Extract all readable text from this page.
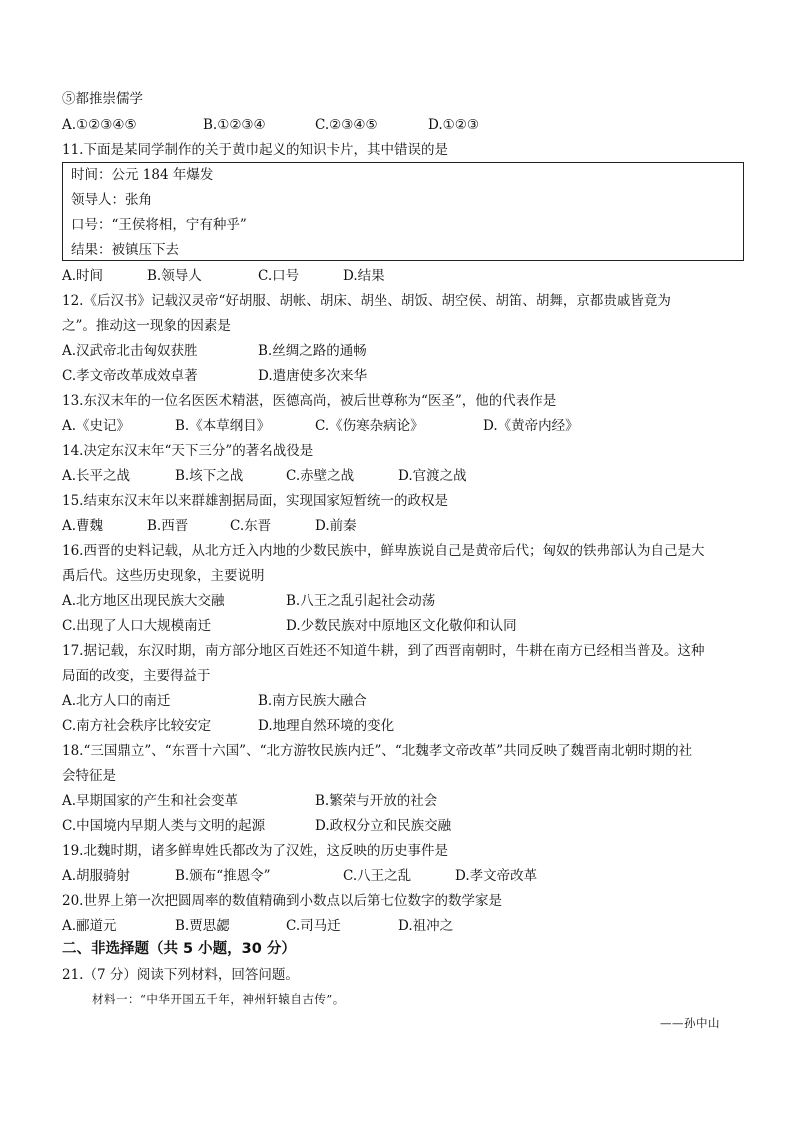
⑤都推崇儒学
A.①②③④⑤	B.①②③④	C.②③④⑤	D.①②③
11.下面是某同学制作的关于黄巾起义的知识卡片，其中错误的是
时间：公元 184 年爆发
领导人：张角
口号：“王侯将相，宁有种乎”
结果：被镇压下去
A.时间	B.领导人	C.口号	D.结果
12.《后汉书》记载汉灵帝“好胡服、胡帐、胡床、胡坐、胡饭、胡空侯、胡笛、胡舞，京都贵戚皆竟为
之”。推动这一现象的因素是
A.汉武帝北击匈奴获胜	B.丝绸之路的通畅
C.孝文帝改革成效卓著	D.遣唐使多次来华
13.东汉末年的一位名医医术精湛，医德高尚，被后世尊称为“医圣”，他的代表作是
A.《史记》	B.《本草纲目》	C.《伤寒杂病论》	D.《黄帝内经》
14.决定东汉末年“天下三分”的著名战役是
A.长平之战	B.垓下之战	C.赤壁之战	D.官渡之战
15.结束东汉末年以来群雄割据局面，实现国家短暂统一的政权是
A.曹魏	B.西晋	C.东晋	D.前秦
16.西晋的史料记载，从北方迁入内地的少数民族中，鲜卑族说自己是黄帝后代；匈奴的铁弗部认为自己是大
禹后代。这些历史现象，主要说明
A.北方地区出现民族大交融	B.八王之乱引起社会动荡
C.出现了人口大规模南迁	D.少数民族对中原地区文化敬仰和认同
17.据记载，东汉时期，南方部分地区百姓还不知道牛耕，到了西晋南朝时，牛耕在南方已经相当普及。这种
局面的改变，主要得益于
A.北方人口的南迁	B.南方民族大融合
C.南方社会秩序比较安定	D.地理自然环境的变化
18.“三国鼎立”、“东晋十六国”、“北方游牧民族内迁”、“北魏孝文帝改革”共同反映了魏晋南北朝时期的社
会特征是
A.早期国家的产生和社会变革	B.繁荣与开放的社会
C.中国境内早期人类与文明的起源	D.政权分立和民族交融
19.北魏时期，诸多鲜卑姓氏都改为了汉姓，这反映的历史事件是
A.胡服骑射	B.颁布“推恩令”	C.八王之乱	D.孝文帝改革
20.世界上第一次把圆周率的数值精确到小数点以后第七位数字的数学家是
A.郦道元	B.贾思勰	C.司马迁	D.祖冲之
二、非选择题（共 5 小题，30 分）
21.（7 分）阅读下列材料，回答问题。
材料一：“中华开国五千年，神州轩辕自古传”。
——孙中山
